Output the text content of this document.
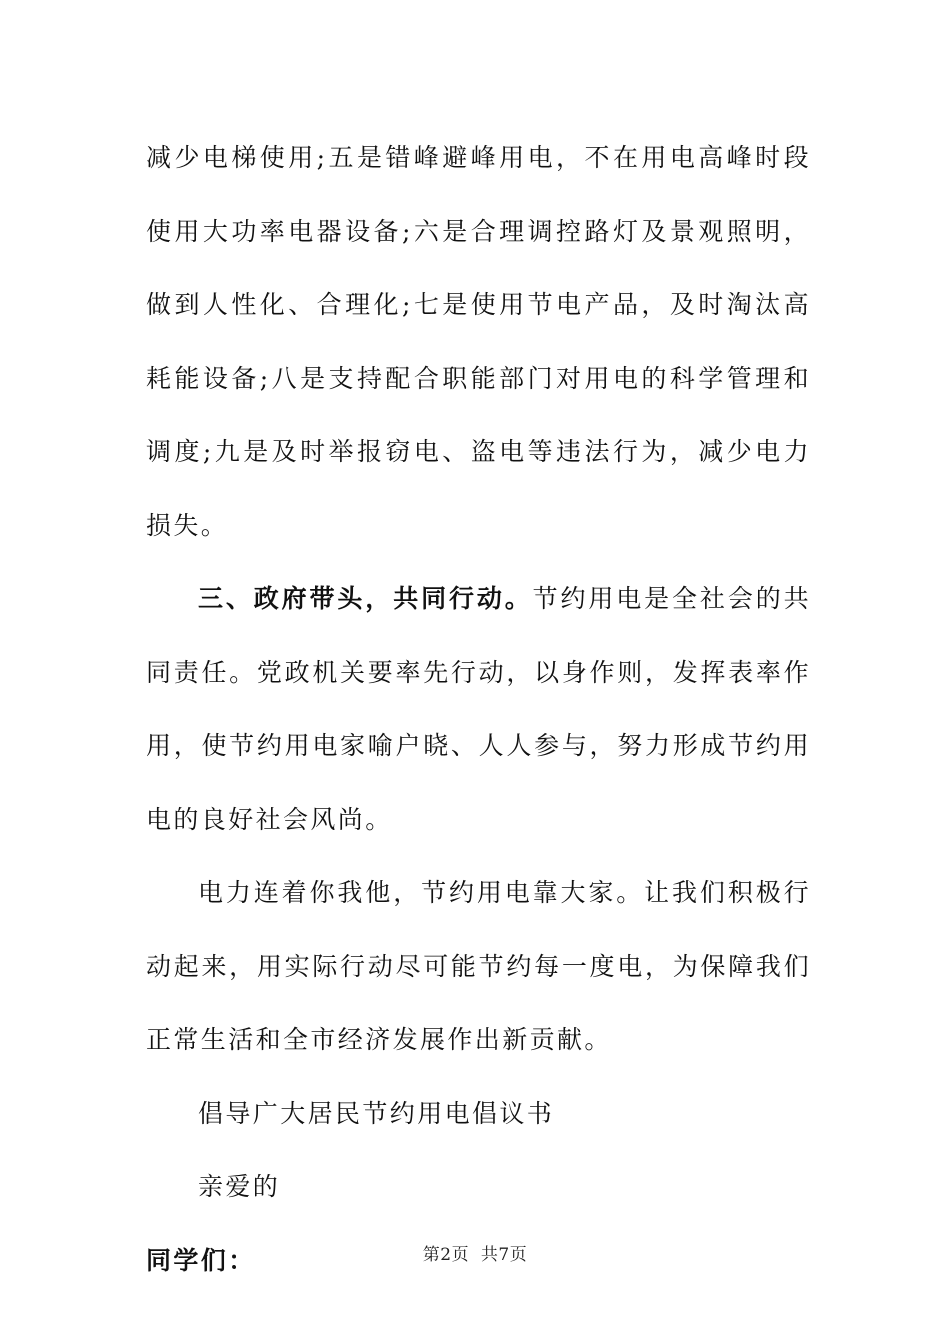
减少电梯使用;五是错峰避峰用电，不在用电高峰时段使用大功率电器设备;六是合理调控路灯及景观照明，做到人性化、合理化;七是使用节电产品，及时淘汰高耗能设备;八是支持配合职能部门对用电的科学管理和调度;九是及时举报窃电、盗电等违法行为，减少电力损失。

三、政府带头，共同行动。节约用电是全社会的共同责任。党政机关要率先行动，以身作则，发挥表率作用，使节约用电家喻户晓、人人参与，努力形成节约用电的良好社会风尚。

电力连着你我他，节约用电靠大家。让我们积极行动起来，用实际行动尽可能节约每一度电，为保障我们正常生活和全市经济发展作出新贡献。

倡导广大居民节约用电倡议书

亲爱的

同学们：	第2页 共7页
